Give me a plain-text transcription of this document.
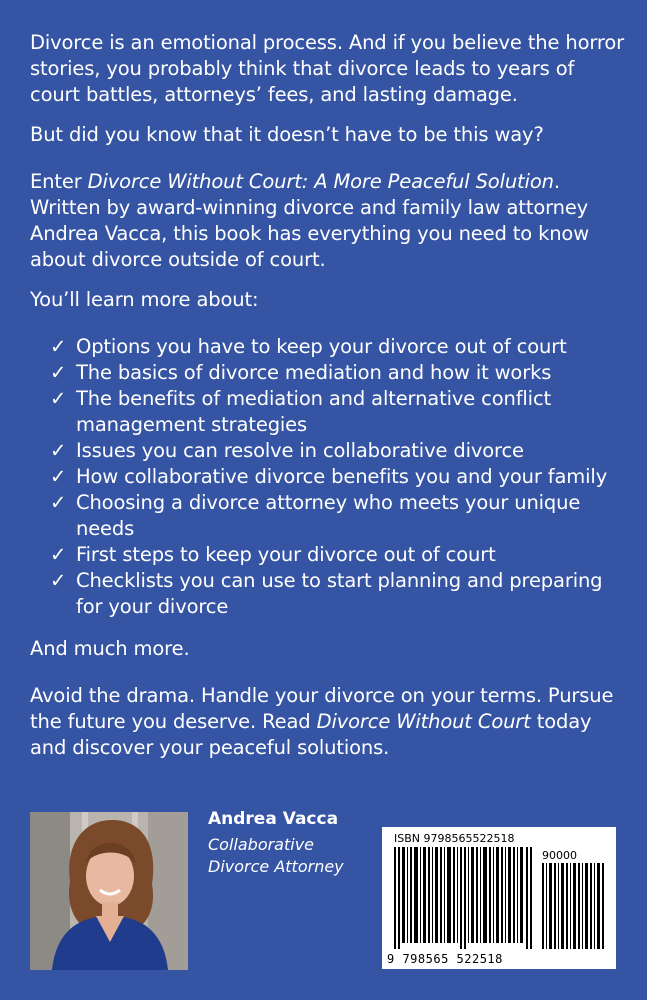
Divorce is an emotional process. And if you believe the horror stories, you probably think that divorce leads to years of court battles, attorneys’ fees, and lasting damage.

But did you know that it doesn’t have to be this way?

Enter Divorce Without Court: A More Peaceful Solution. Written by award-winning divorce and family law attorney Andrea Vacca, this book has everything you need to know about divorce outside of court.

You’ll learn more about:

✓ Options you have to keep your divorce out of court
✓ The basics of divorce mediation and how it works
✓ The benefits of mediation and alternative conflict management strategies
✓ Issues you can resolve in collaborative divorce
✓ How collaborative divorce benefits you and your family
✓ Choosing a divorce attorney who meets your unique needs
✓ First steps to keep your divorce out of court
✓ Checklists you can use to start planning and preparing for your divorce

And much more.

Avoid the drama. Handle your divorce on your terms. Pursue the future you deserve. Read Divorce Without Court today and discover your peaceful solutions.

Andrea Vacca
Collaborative
Divorce Attorney
ISBN 9798565522518
90000
9 798565 522518
